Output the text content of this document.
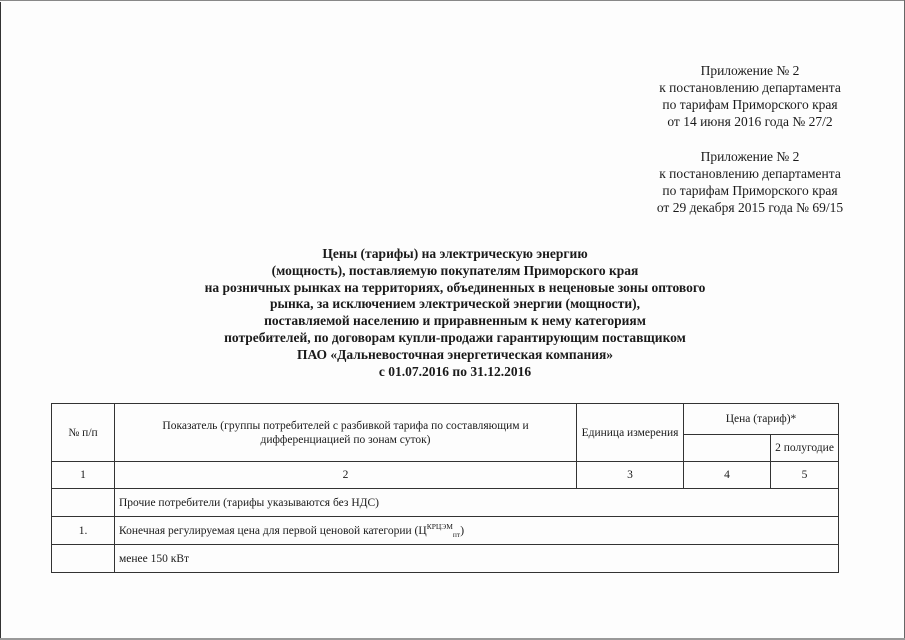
Приложение № 2
к постановлению департамента
по тарифам Приморского края
от 14 июня 2016 года № 27/2
Приложение № 2
к постановлению департамента
по тарифам Приморского края
от 29 декабря 2015 года № 69/15
Цены (тарифы) на электрическую энергию
(мощность), поставляемую покупателям Приморского края
на розничных рынках на территориях, объединенных в неценовые зоны оптового
рынка, за исключением электрической энергии (мощности),
поставляемой населению и приравненным к нему категориям
потребителей, по договорам купли-продажи гарантирующим поставщиком
ПАО «Дальневосточная энергетическая компания»
с 01.07.2016 по 31.12.2016
№ п/п	Показатель (группы потребителей с разбивкой тарифа по составляющим и дифференциацией по зонам суток)	Единица измерения	Цена (тариф)*	
				2 полугодие
1	2	3	4	5
	Прочие потребители (тарифы указываются без НДС)			
1.	Конечная регулируемая цена для первой ценовой категории $(Ц^{КРЦЭМ}_{пт})$			
	менее 150 кВт			
